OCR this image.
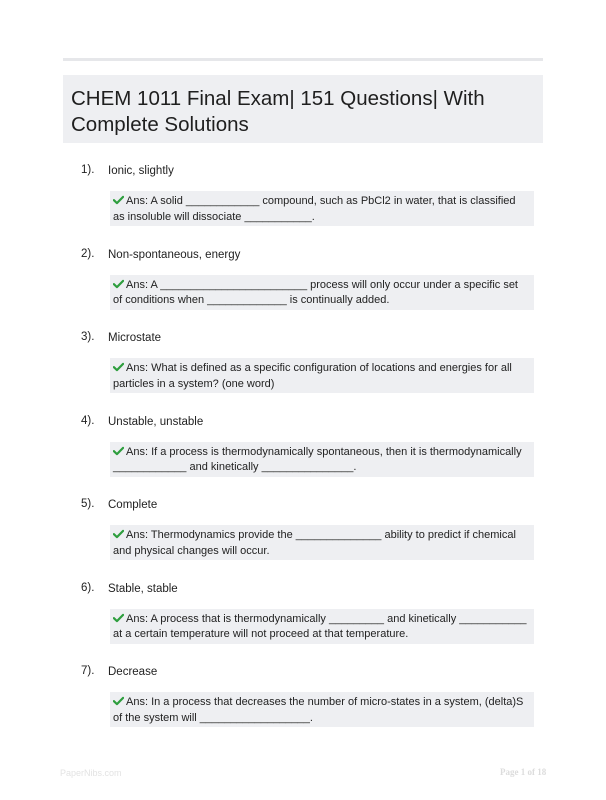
CHEM 1011 Final Exam| 151 Questions| With Complete Solutions
1). Ionic, slightly
Ans: A solid ____________ compound, such as PbCl2 in water, that is classified as insoluble will dissociate ___________.
2). Non-spontaneous, energy
Ans: A ________________________ process will only occur under a specific set of conditions when _____________ is continually added.
3). Microstate
Ans: What is defined as a specific configuration of locations and energies for all particles in a system? (one word)
4). Unstable, unstable
Ans: If a process is thermodynamically spontaneous, then it is thermodynamically ____________ and kinetically _______________.
5). Complete
Ans: Thermodynamics provide the ______________ ability to predict if chemical and physical changes will occur.
6). Stable, stable
Ans: A process that is thermodynamically _________ and kinetically ___________ at a certain temperature will not proceed at that temperature.
7). Decrease
Ans: In a process that decreases the number of micro-states in a system, (delta)S of the system will __________________.
PaperNibs.com	Page 1 of 18
